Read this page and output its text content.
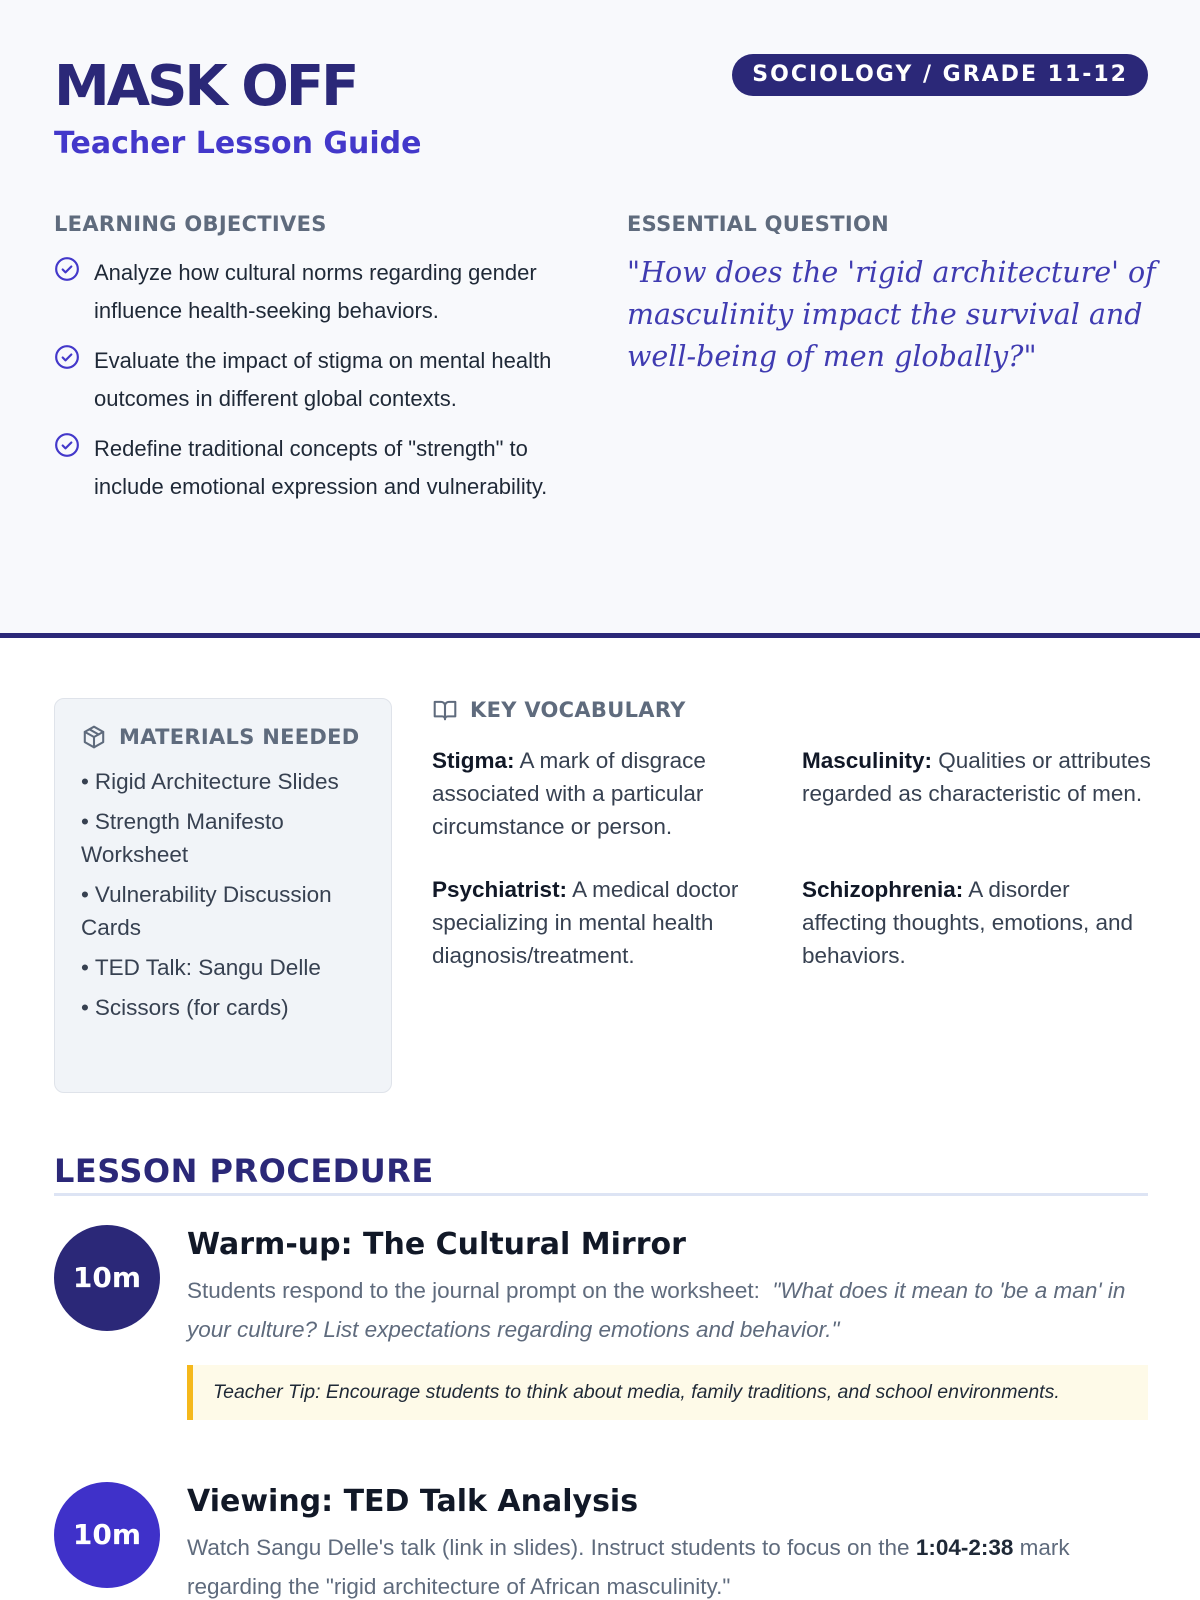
MASK OFF
Teacher Lesson Guide
SOCIOLOGY / GRADE 11-12
LEARNING OBJECTIVES
Analyze how cultural norms regarding gender influence health-seeking behaviors.
Evaluate the impact of stigma on mental health outcomes in different global contexts.
Redefine traditional concepts of "strength" to include emotional expression and vulnerability.
ESSENTIAL QUESTION
"How does the 'rigid architecture' of masculinity impact the survival and well-being of men globally?"
MATERIALS NEEDED
• Rigid Architecture Slides
• Strength Manifesto Worksheet
• Vulnerability Discussion Cards
• TED Talk: Sangu Delle
• Scissors (for cards)
KEY VOCABULARY
Stigma: A mark of disgrace associated with a particular circumstance or person.
Masculinity: Qualities or attributes regarded as characteristic of men.
Psychiatrist: A medical doctor specializing in mental health diagnosis/treatment.
Schizophrenia: A disorder affecting thoughts, emotions, and behaviors.
LESSON PROCEDURE
10m
Warm-up: The Cultural Mirror
Students respond to the journal prompt on the worksheet: "What does it mean to 'be a man' in your culture? List expectations regarding emotions and behavior."
Teacher Tip: Encourage students to think about media, family traditions, and school environments.
10m
Viewing: TED Talk Analysis
Watch Sangu Delle's talk (link in slides). Instruct students to focus on the 1:04-2:38 mark regarding the "rigid architecture of African masculinity."
